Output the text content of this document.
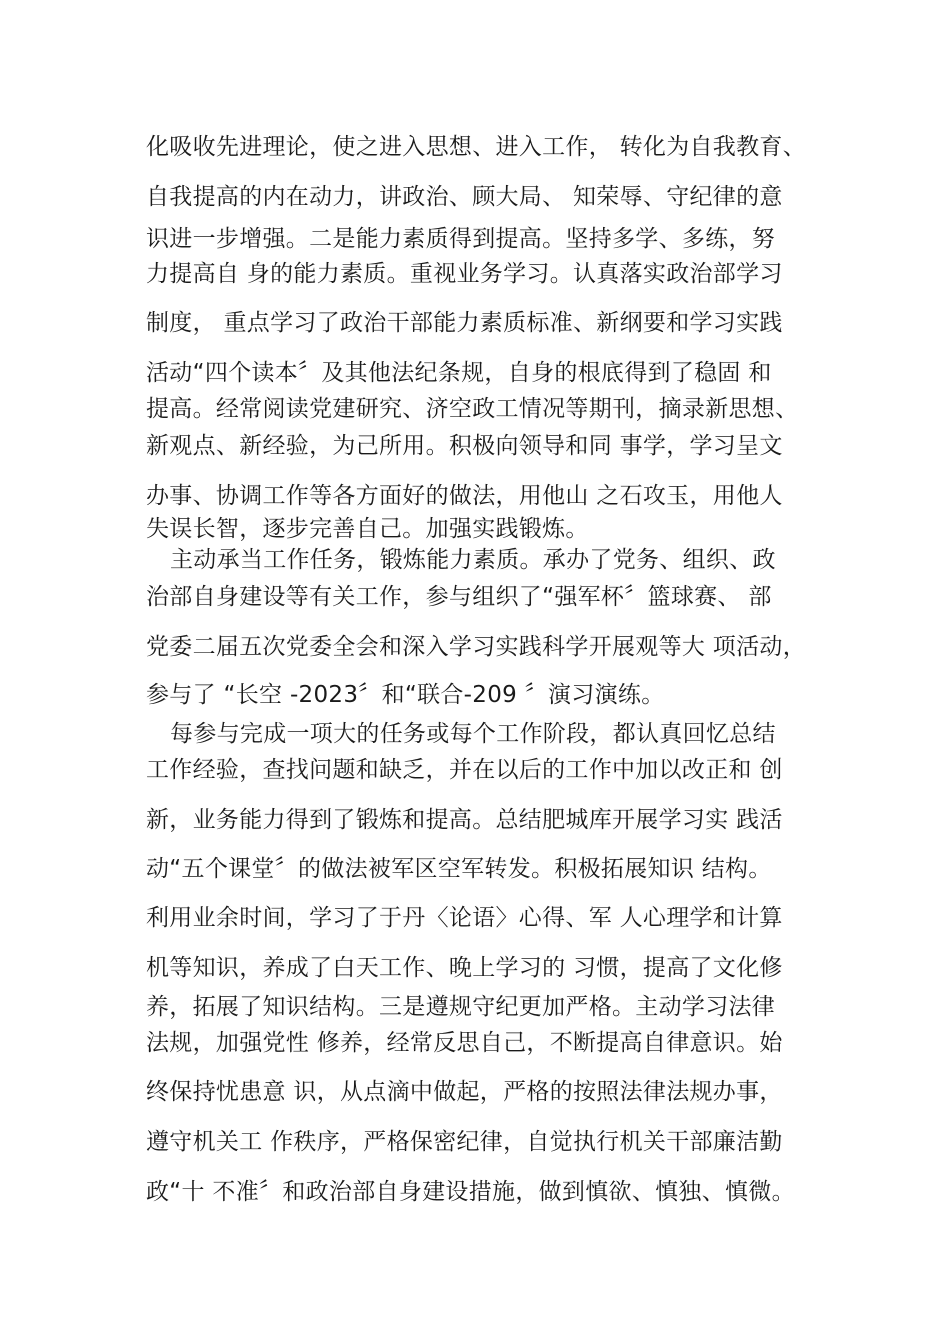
化吸收先进理论，使之进入思想、进入工作， 转化为自我教育、
自我提高的内在动力，讲政治、顾大局、 知荣辱、守纪律的意
识进一步增强。二是能力素质得到提高。坚持多学、多练，努
力提高自 身的能力素质。重视业务学习。认真落实政治部学习
制度， 重点学习了政治干部能力素质标准、新纲要和学习实践
活动“四个读本〞及其他法纪条规，自身的根底得到了稳固 和
提高。经常阅读党建研究、济空政工情况等期刊，摘录新思想、
新观点、新经验，为己所用。积极向领导和同 事学，学习呈文
办事、协调工作等各方面好的做法，用他山 之石攻玉，用他人
失误长智，逐步完善自己。加强实践锻炼。
主动承当工作任务，锻炼能力素质。承办了党务、组织、政
治部自身建设等有关工作，参与组织了“强军杯〞篮球赛、 部
党委二届五次党委全会和深入学习实践科学开展观等大 项活动，
参与了 “长空 -2023〞和“联合-209 〞演习演练。
每参与完成一项大的任务或每个工作阶段，都认真回忆总结
工作经验，查找问题和缺乏，并在以后的工作中加以改正和 创
新，业务能力得到了锻炼和提高。总结肥城库开展学习实 践活
动“五个课堂〞的做法被军区空军转发。积极拓展知识 结构。
利用业余时间，学习了于丹〈论语〉心得、军 人心理学和计算
机等知识，养成了白天工作、晚上学习的 习惯，提高了文化修
养，拓展了知识结构。三是遵规守纪更加严格。主动学习法律
法规，加强党性 修养，经常反思自己，不断提高自律意识。始
终保持忧患意 识，从点滴中做起，严格的按照法律法规办事，
遵守机关工 作秩序，严格保密纪律，自觉执行机关干部廉洁勤
政“十 不准〞和政治部自身建设措施，做到慎欲、慎独、慎微。
